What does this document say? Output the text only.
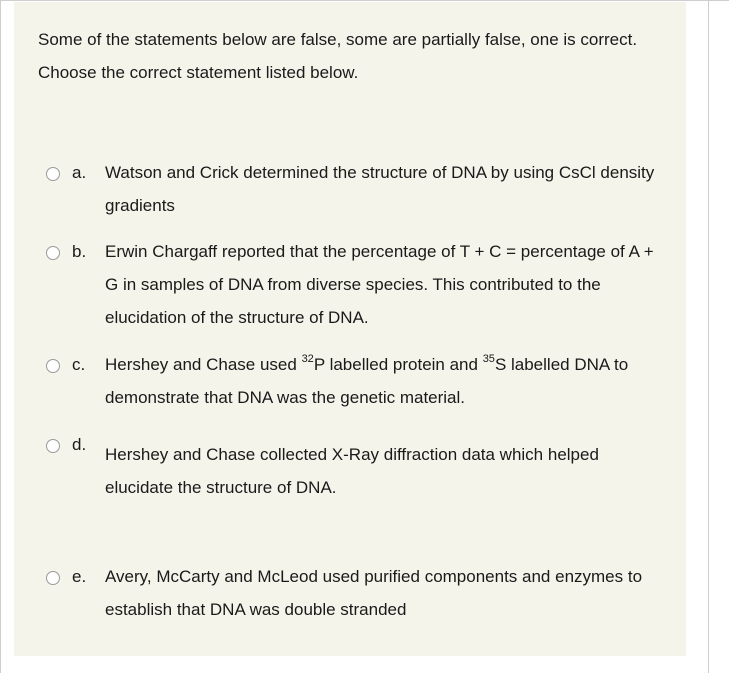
Some of the statements below are false, some are partially false, one is correct. Choose the correct statement listed below.

a. Watson and Crick determined the structure of DNA by using CsCl density gradients
b. Erwin Chargaff reported that the percentage of T + C = percentage of A + G in samples of DNA from diverse species. This contributed to the elucidation of the structure of DNA.
c. Hershey and Chase used $^{32}$P labelled protein and $^{35}$S labelled DNA to demonstrate that DNA was the genetic material.
d.
Hershey and Chase collected X-Ray diffraction data which helped elucidate the structure of DNA.
e. Avery, McCarty and McLeod used purified components and enzymes to establish that DNA was double stranded
